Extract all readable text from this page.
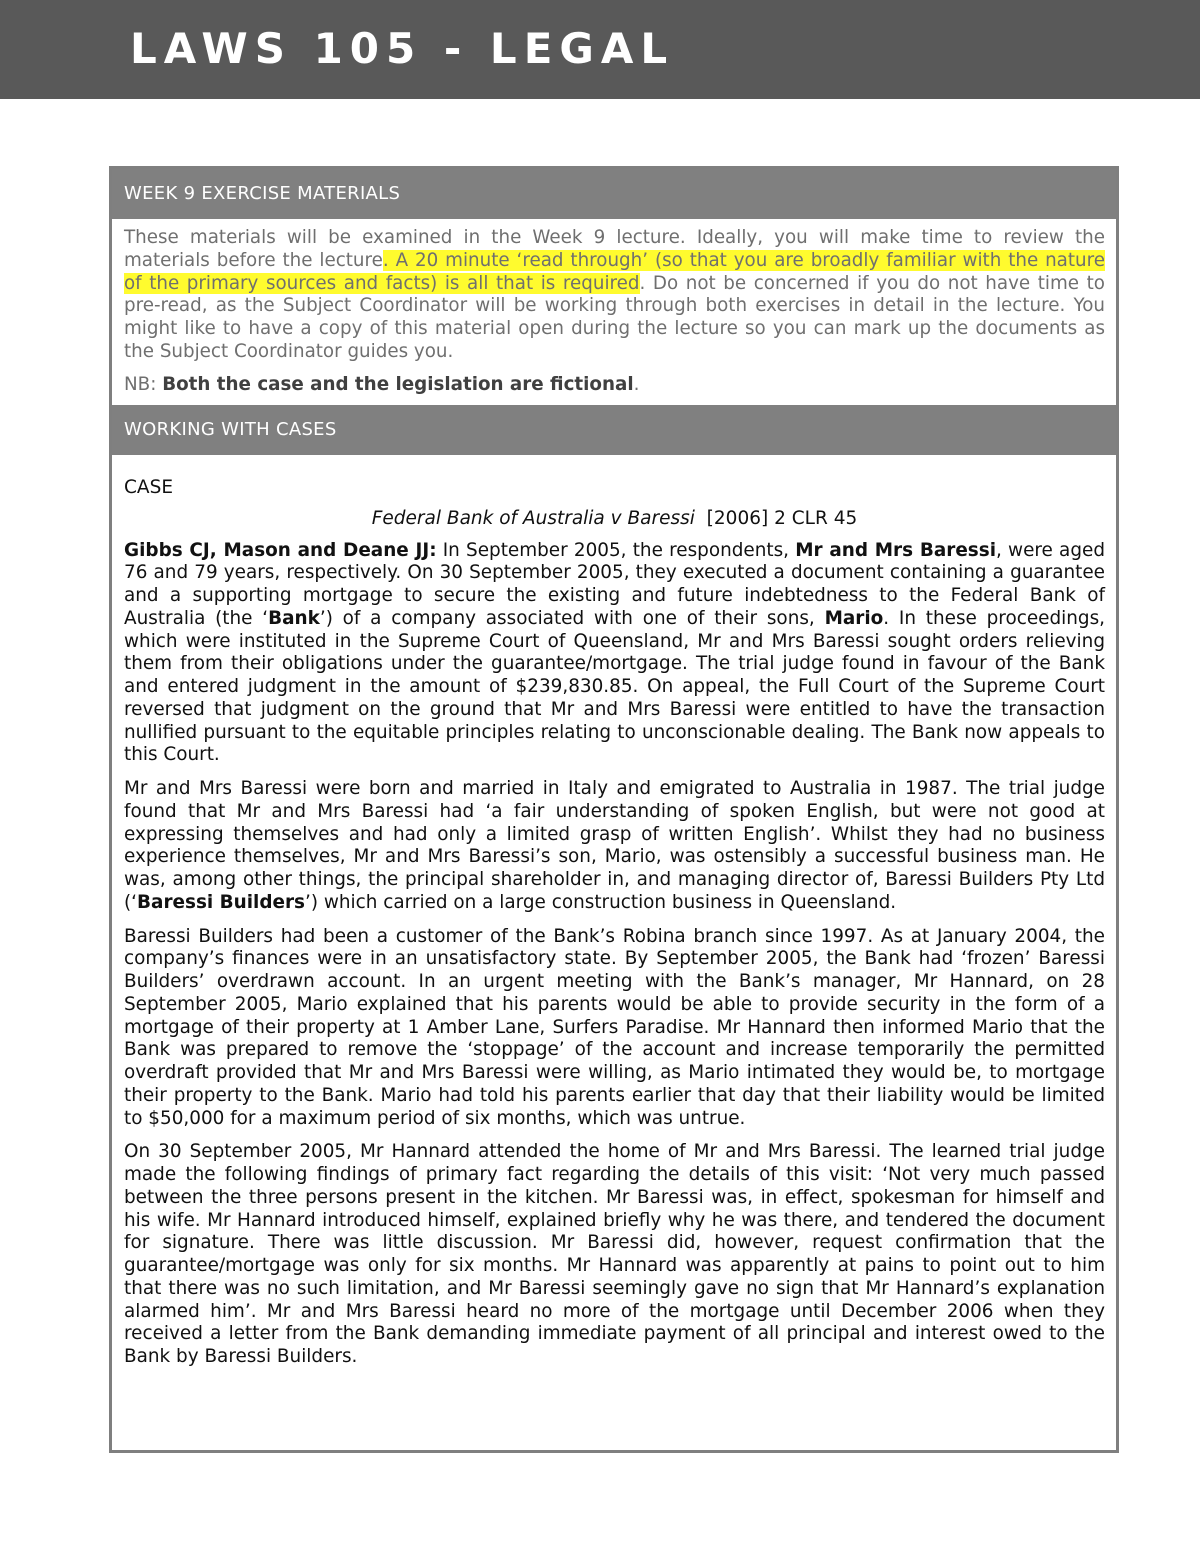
LAWS 105 - LEGAL
WEEK 9 EXERCISE MATERIALS

These materials will be examined in the Week 9 lecture. Ideally, you will make time to review the materials before the lecture. A 20 minute ‘read through’ (so that you are broadly familiar with the nature of the primary sources and facts) is all that is required. Do not be concerned if you do not have time to pre-read, as the Subject Coordinator will be working through both exercises in detail in the lecture. You might like to have a copy of this material open during the lecture so you can mark up the documents as the Subject Coordinator guides you.

NB: Both the case and the legislation are fictional.

WORKING WITH CASES

CASE

Federal Bank of Australia v Baressi  [2006] 2 CLR 45

Gibbs CJ, Mason and Deane JJ: In September 2005, the respondents, Mr and Mrs Baressi, were aged 76 and 79 years, respectively. On 30 September 2005, they executed a document containing a guarantee and a supporting mortgage to secure the existing and future indebtedness to the Federal Bank of Australia (the ‘Bank’) of a company associated with one of their sons, Mario. In these proceedings, which were instituted in the Supreme Court of Queensland, Mr and Mrs Baressi sought orders relieving them from their obligations under the guarantee/mortgage. The trial judge found in favour of the Bank and entered judgment in the amount of $239,830.85. On appeal, the Full Court of the Supreme Court reversed that judgment on the ground that Mr and Mrs Baressi were entitled to have the transaction nullified pursuant to the equitable principles relating to unconscionable dealing. The Bank now appeals to this Court.

Mr and Mrs Baressi were born and married in Italy and emigrated to Australia in 1987. The trial judge found that Mr and Mrs Baressi had ‘a fair understanding of spoken English, but were not good at expressing themselves and had only a limited grasp of written English’. Whilst they had no business experience themselves, Mr and Mrs Baressi’s son, Mario, was ostensibly a successful business man. He was, among other things, the principal shareholder in, and managing director of, Baressi Builders Pty Ltd (‘Baressi Builders’) which carried on a large construction business in Queensland.

Baressi Builders had been a customer of the Bank’s Robina branch since 1997. As at January 2004, the company’s finances were in an unsatisfactory state. By September 2005, the Bank had ‘frozen’ Baressi Builders’ overdrawn account. In an urgent meeting with the Bank’s manager, Mr Hannard, on 28 September 2005, Mario explained that his parents would be able to provide security in the form of a mortgage of their property at 1 Amber Lane, Surfers Paradise. Mr Hannard then informed Mario that the Bank was prepared to remove the ‘stoppage’ of the account and increase temporarily the permitted overdraft provided that Mr and Mrs Baressi were willing, as Mario intimated they would be, to mortgage their property to the Bank. Mario had told his parents earlier that day that their liability would be limited to $50,000 for a maximum period of six months, which was untrue.

On 30 September 2005, Mr Hannard attended the home of Mr and Mrs Baressi. The learned trial judge made the following findings of primary fact regarding the details of this visit: ‘Not very much passed between the three persons present in the kitchen. Mr Baressi was, in effect, spokesman for himself and his wife. Mr Hannard introduced himself, explained briefly why he was there, and tendered the document for signature. There was little discussion. Mr Baressi did, however, request confirmation that the guarantee/mortgage was only for six months. Mr Hannard was apparently at pains to point out to him that there was no such limitation, and Mr Baressi seemingly gave no sign that Mr Hannard’s explanation alarmed him’. Mr and Mrs Baressi heard no more of the mortgage until December 2006 when they received a letter from the Bank demanding immediate payment of all principal and interest owed to the Bank by Baressi Builders.
